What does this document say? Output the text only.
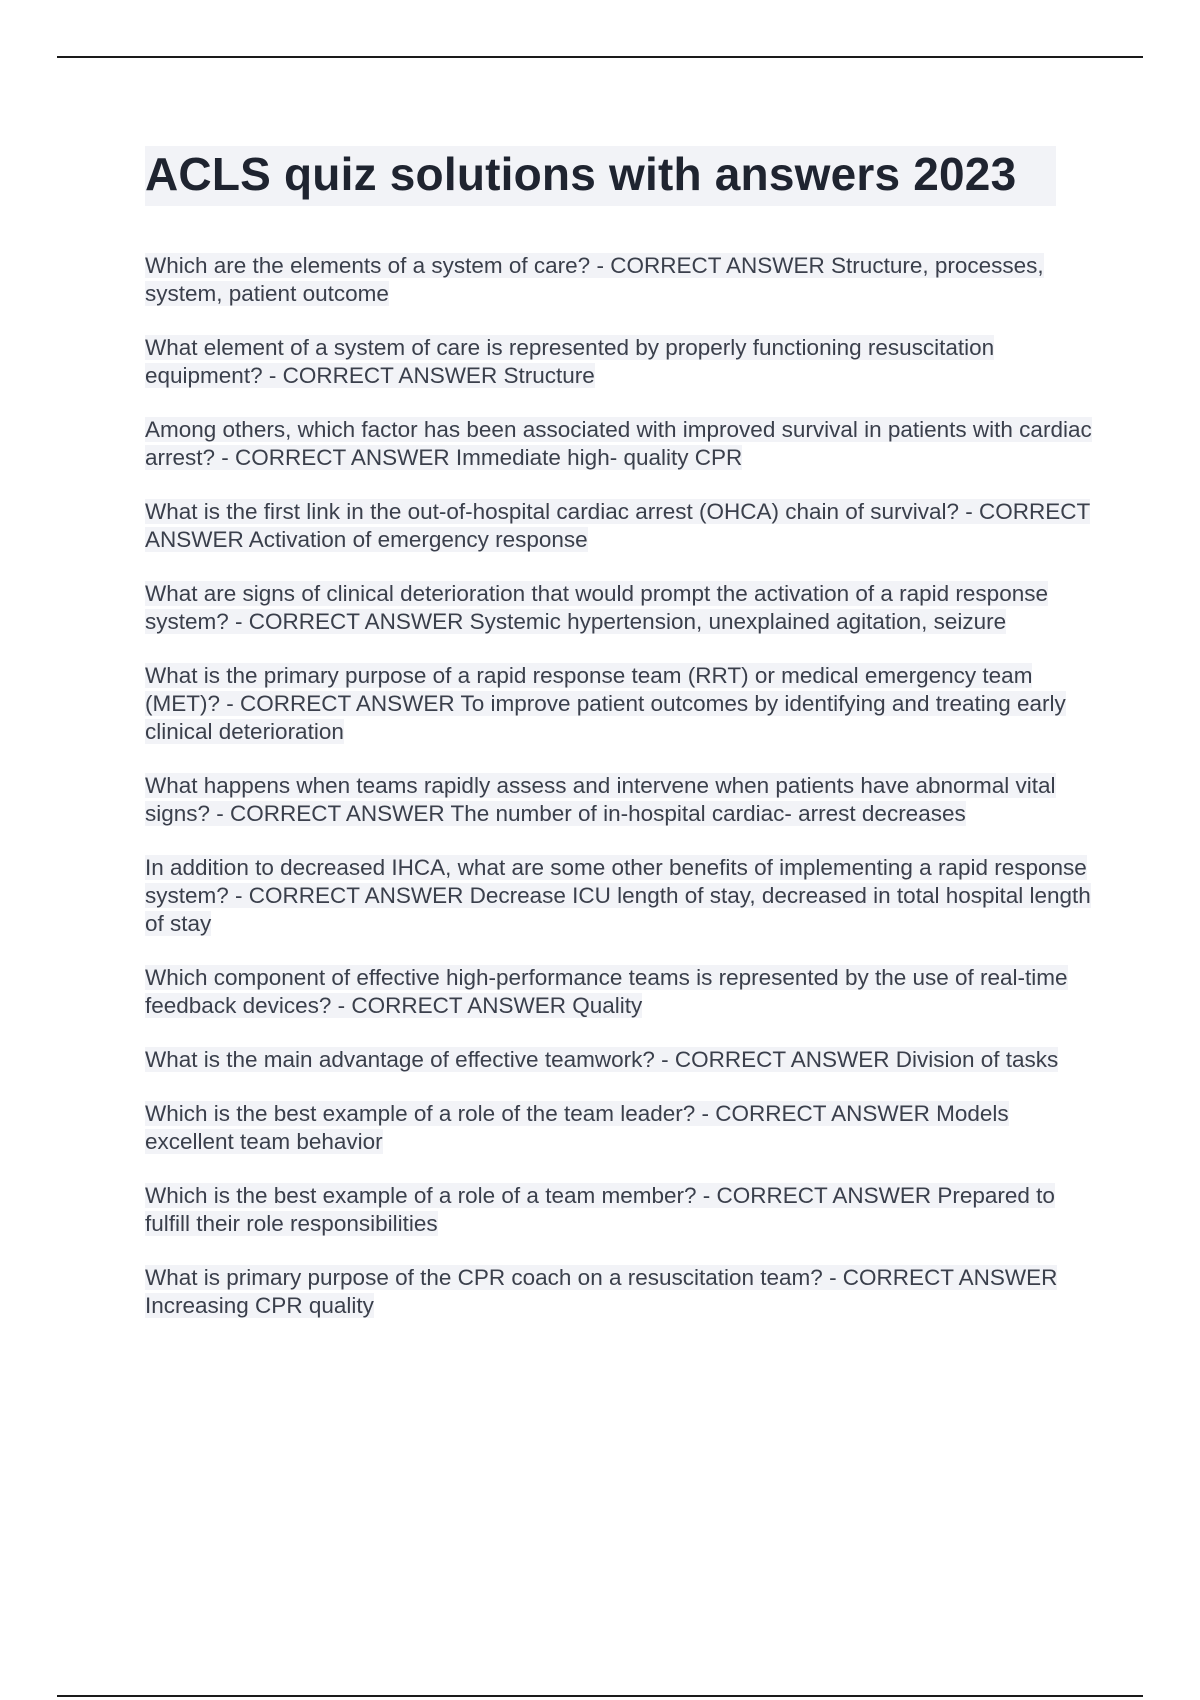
ACLS quiz solutions with answers 2023

Which are the elements of a system of care? - CORRECT ANSWER Structure, processes, system, patient outcome

What element of a system of care is represented by properly functioning resuscitation equipment? - CORRECT ANSWER Structure

Among others, which factor has been associated with improved survival in patients with cardiac arrest? - CORRECT ANSWER Immediate high- quality CPR

What is the first link in the out-of-hospital cardiac arrest (OHCA) chain of survival? - CORRECT ANSWER Activation of emergency response

What are signs of clinical deterioration that would prompt the activation of a rapid response system? - CORRECT ANSWER Systemic hypertension, unexplained agitation, seizure

What is the primary purpose of a rapid response team (RRT) or medical emergency team (MET)? - CORRECT ANSWER To improve patient outcomes by identifying and treating early clinical deterioration

What happens when teams rapidly assess and intervene when patients have abnormal vital signs? - CORRECT ANSWER The number of in-hospital cardiac- arrest decreases

In addition to decreased IHCA, what are some other benefits of implementing a rapid response system? - CORRECT ANSWER Decrease ICU length of stay, decreased in total hospital length of stay

Which component of effective high-performance teams is represented by the use of real-time feedback devices? - CORRECT ANSWER Quality

What is the main advantage of effective teamwork? - CORRECT ANSWER Division of tasks

Which is the best example of a role of the team leader? - CORRECT ANSWER Models excellent team behavior

Which is the best example of a role of a team member? - CORRECT ANSWER Prepared to fulfill their role responsibilities

What is primary purpose of the CPR coach on a resuscitation team? - CORRECT ANSWER Increasing CPR quality
